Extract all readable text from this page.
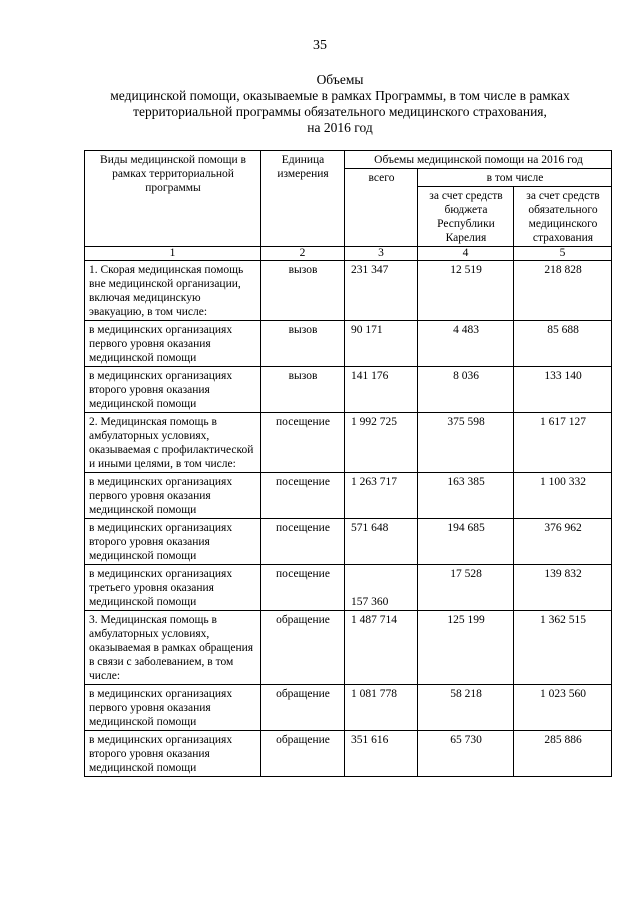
35
Объемы
медицинской помощи, оказываемые в рамках Программы, в том числе в рамках
территориальной программы обязательного медицинского страхования,
на 2016 год
Виды медицинской помощи в рамках территориальной программы	Единица измерения	Объемы медицинской помощи на 2016 год		
		всего	в том числе	
			за счет средств бюджета Республики Карелия	за счет средств обязательного медицинского страхования
1	2	3	4	5
1. Скорая медицинская помощь вне медицинской организации, включая медицинскую эвакуацию, в том числе:	вызов	231 347	12 519	218 828
в медицинских организациях первого уровня оказания медицинской помощи	вызов	90 171	4 483	85 688
в медицинских организациях второго уровня оказания медицинской помощи	вызов	141 176	8 036	133 140
2. Медицинская помощь в амбулаторных условиях, оказываемая с профилактической и иными целями, в том числе:	посещение	1 992 725	375 598	1 617 127
в медицинских организациях первого уровня оказания медицинской помощи	посещение	1 263 717	163 385	1 100 332
в медицинских организациях второго уровня оказания медицинской помощи	посещение	571 648	194 685	376 962
в медицинских организациях третьего уровня оказания медицинской помощи	посещение	157 360	17 528	139 832
3. Медицинская помощь в амбулаторных условиях, оказываемая в рамках обращения в связи с заболеванием, в том числе:	обращение	1 487 714	125 199	1 362 515
в медицинских организациях первого уровня оказания медицинской помощи	обращение	1 081 778	58 218	1 023 560
в медицинских организациях второго уровня оказания медицинской помощи	обращение	351 616	65 730	285 886
